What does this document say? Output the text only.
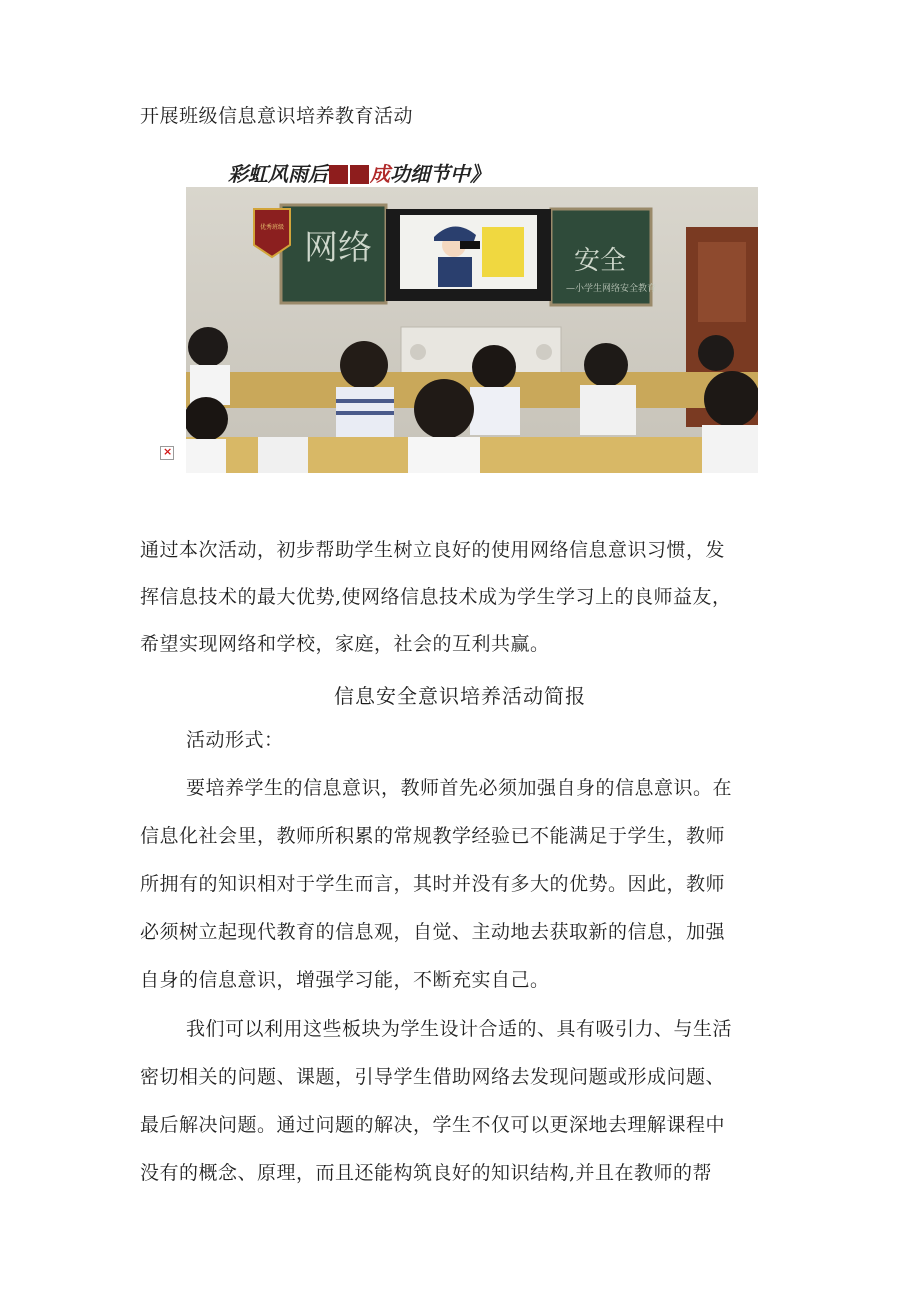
开展班级信息意识培养教育活动
彩虹风雨后 成功细节中》
网络	安全
—小学生网络安全教育
优秀班级
×
通过本次活动，初步帮助学生树立良好的使用网络信息意识习惯，发
挥信息技术的最大优势,使网络信息技术成为学生学习上的良师益友，
希望实现网络和学校，家庭，社会的互利共赢。
信息安全意识培养活动简报
活动形式：
要培养学生的信息意识，教师首先必须加强自身的信息意识。在
信息化社会里，教师所积累的常规教学经验已不能满足于学生，教师
所拥有的知识相对于学生而言，其时并没有多大的优势。因此，教师
必须树立起现代教育的信息观，自觉、主动地去获取新的信息，加强
自身的信息意识，增强学习能，不断充实自己。
我们可以利用这些板块为学生设计合适的、具有吸引力、与生活
密切相关的问题、课题，引导学生借助网络去发现问题或形成问题、
最后解决问题。通过问题的解决，学生不仅可以更深地去理解课程中
没有的概念、原理，而且还能构筑良好的知识结构,并且在教师的帮
